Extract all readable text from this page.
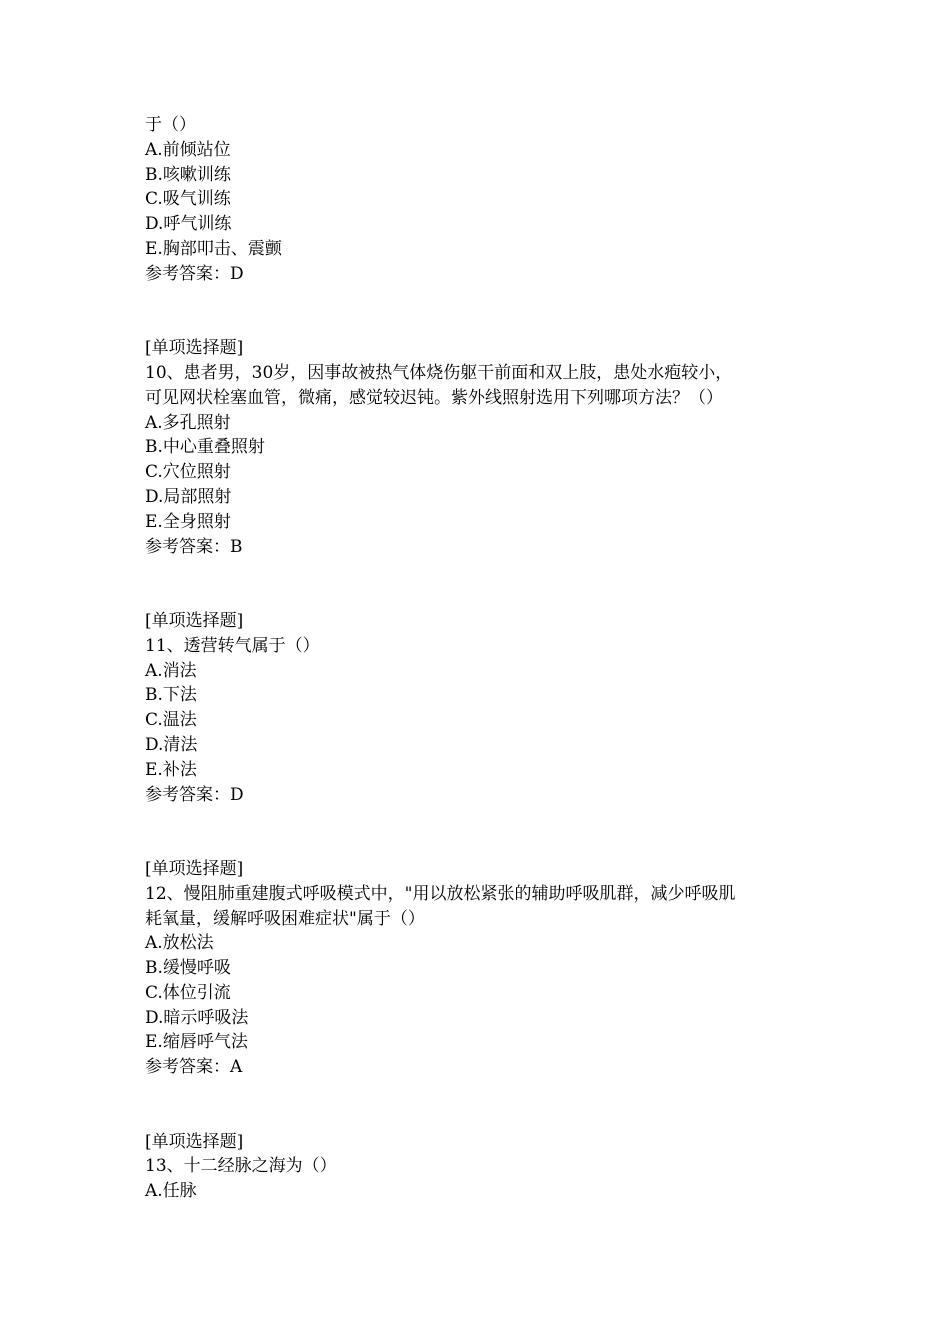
于（）
A.前倾站位
B.咳嗽训练
C.吸气训练
D.呼气训练
E.胸部叩击、震颤
参考答案：D
[单项选择题]
10、患者男，30岁，因事故被热气体烧伤躯干前面和双上肢，患处水疱较小，
可见网状栓塞血管，微痛，感觉较迟钝。紫外线照射选用下列哪项方法？（）
A.多孔照射
B.中心重叠照射
C.穴位照射
D.局部照射
E.全身照射
参考答案：B
[单项选择题]
11、透营转气属于（）
A.消法
B.下法
C.温法
D.清法
E.补法
参考答案：D
[单项选择题]
12、慢阻肺重建腹式呼吸模式中，"用以放松紧张的辅助呼吸肌群，减少呼吸肌
耗氧量，缓解呼吸困难症状"属于（）
A.放松法
B.缓慢呼吸
C.体位引流
D.暗示呼吸法
E.缩唇呼气法
参考答案：A
[单项选择题]
13、十二经脉之海为（）
A.任脉
